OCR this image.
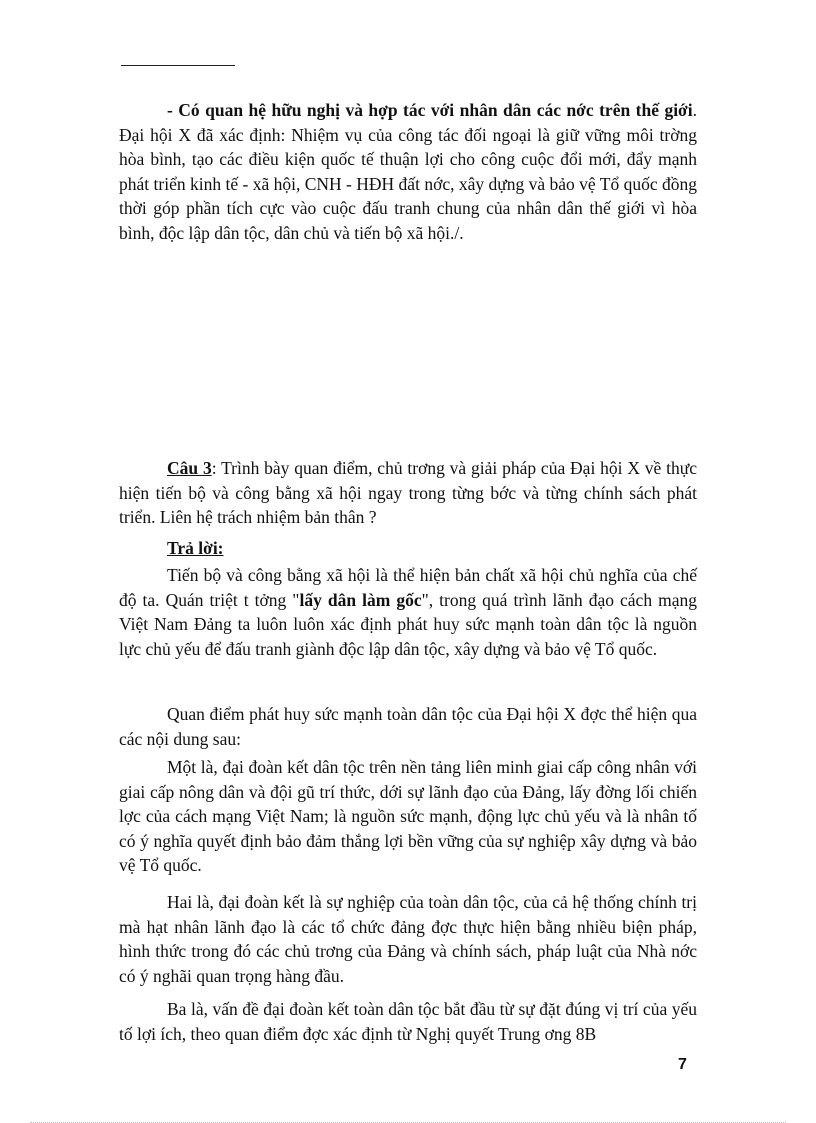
- Có quan hệ hữu nghị và hợp tác với nhân dân các nớc trên thế giới. Đại hội X đã xác định: Nhiệm vụ của công tác đối ngoại là giữ vững môi trờng hòa bình, tạo các điều kiện quốc tế thuận lợi cho công cuộc đổi mới, đẩy mạnh phát triển kinh tế - xã hội, CNH - HĐH đất nớc, xây dựng và bảo vệ Tổ quốc đồng thời góp phần tích cực vào cuộc đấu tranh chung của nhân dân thế giới vì hòa bình, độc lập dân tộc, dân chủ và tiến bộ xã hội./.

Câu 3: Trình bày quan điểm, chủ trơng và giải pháp của Đại hội X về thực hiện tiến bộ và công bằng xã hội ngay trong từng bớc và từng chính sách phát triển. Liên hệ trách nhiệm bản thân ?

Trả lời:

Tiến bộ và công bằng xã hội là thể hiện bản chất xã hội chủ nghĩa của chế độ ta. Quán triệt t tởng "lấy dân làm gốc", trong quá trình lãnh đạo cách mạng Việt Nam Đảng ta luôn luôn xác định phát huy sức mạnh toàn dân tộc là nguồn lực chủ yếu để đấu tranh giành độc lập dân tộc, xây dựng và bảo vệ Tổ quốc.

Quan điểm phát huy sức mạnh toàn dân tộc của Đại hội X đợc thể hiện qua các nội dung sau:

Một là, đại đoàn kết dân tộc trên nền tảng liên minh giai cấp công nhân với giai cấp nông dân và đội gũ trí thức, dới sự lãnh đạo của Đảng, lấy đờng lối chiến lợc của cách mạng Việt Nam; là nguồn sức mạnh, động lực chủ yếu và là nhân tố có ý nghĩa quyết định bảo đảm thắng lợi bền vững của sự nghiệp xây dựng và bảo vệ Tổ quốc.

Hai là, đại đoàn kết là sự nghiệp của toàn dân tộc, của cả hệ thống chính trị mà hạt nhân lãnh đạo là các tổ chức đảng đợc thực hiện bằng nhiều biện pháp, hình thức trong đó các chủ trơng của Đảng và chính sách, pháp luật của Nhà nớc có ý nghãi quan trọng hàng đầu.

Ba là, vấn đề đại đoàn kết toàn dân tộc bắt đầu từ sự đặt đúng vị trí của yếu tố lợi ích, theo quan điểm đợc xác định từ Nghị quyết Trung ơng 8B

7
